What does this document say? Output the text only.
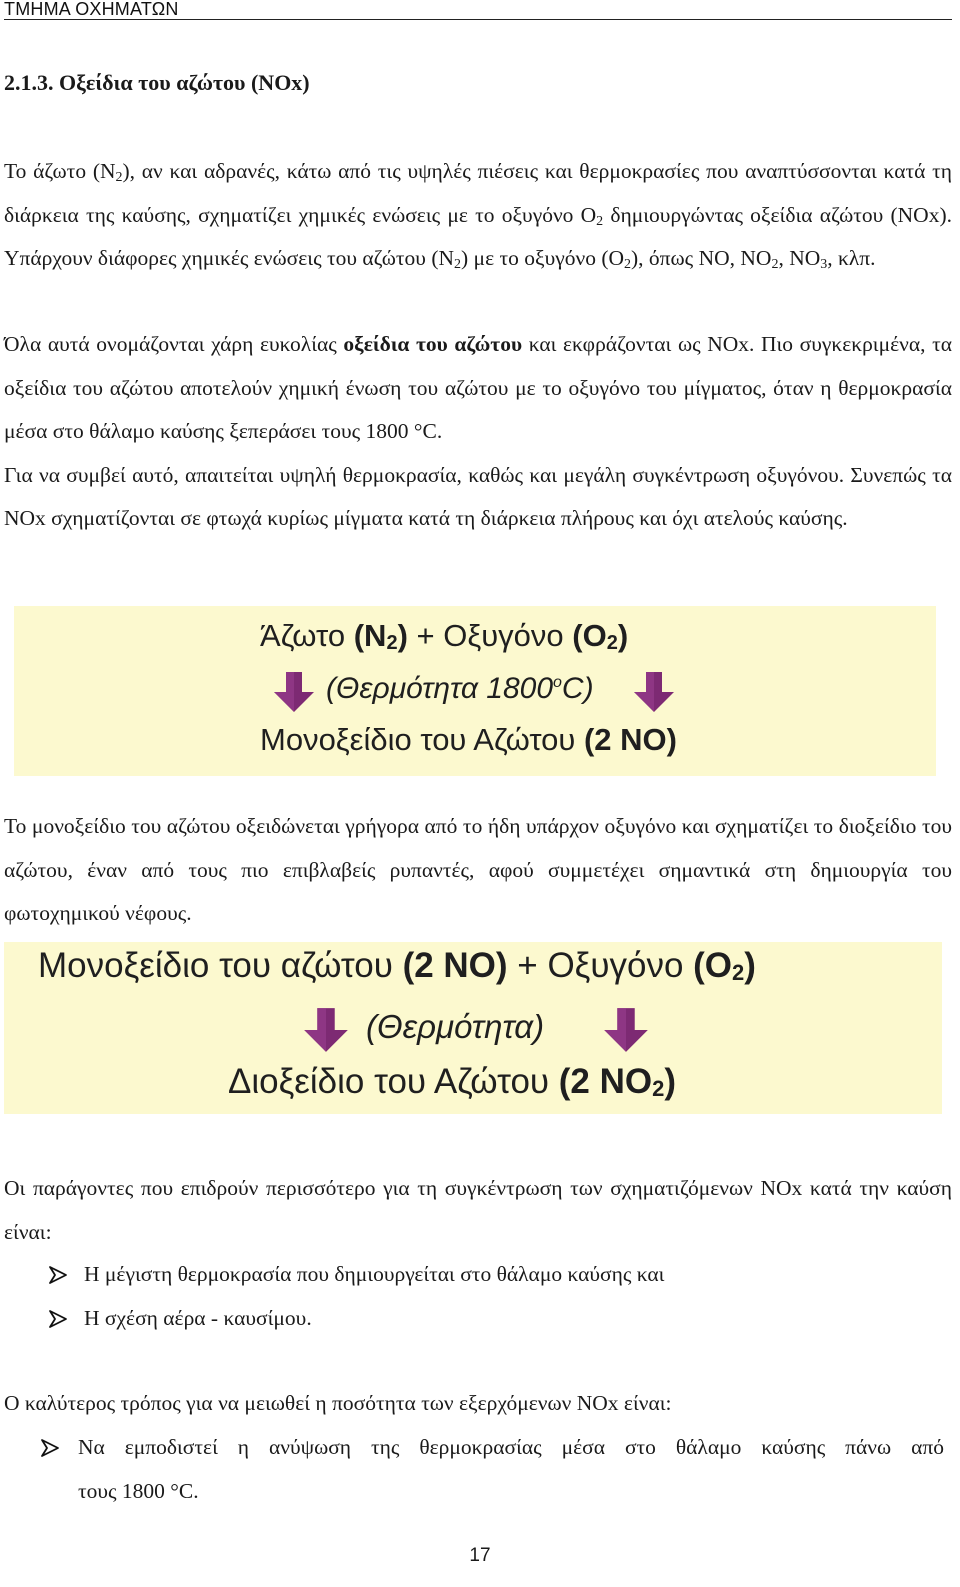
ΤΜΗΜΑ ΟΧΗΜΑΤΩΝ
2.1.3. Οξείδια του αζώτου (NOx)

Το άζωτο $(N_2)$, αν και αδρανές, κάτω από τις υψηλές πιέσεις και θερμοκρασίες που αναπτύσσονται κατά τη διάρκεια της καύσης, σχηματίζει χημικές ενώσεις με το οξυγόνο $O_2$ δημιουργώντας οξείδια αζώτου (NOx). Υπάρχουν διάφορες χημικές ενώσεις του αζώτου $(N_2)$ με το οξυγόνο $(O_2)$, όπως NO, $NO_2$, $NO_3$, κλπ.

Όλα αυτά ονομάζονται χάρη ευκολίας οξείδια του αζώτου και εκφράζονται ως NOx. Πιο συγκεκριμένα, τα οξείδια του αζώτου αποτελούν χημική ένωση του αζώτου με το οξυγόνο του μίγματος, όταν η θερμοκρασία μέσα στο θάλαμο καύσης ξεπεράσει τους 1800 °C.

Για να συμβεί αυτό, απαιτείται υψηλή θερμοκρασία, καθώς και μεγάλη συγκέντρωση οξυγόνου. Συνεπώς τα NOx σχηματίζονται σε φτωχά κυρίως μίγματα κατά τη διάρκεια πλήρους και όχι ατελούς καύσης.

Άζωτο $(N_2) + O\xi\upsilon\gamma ό\nu o$ $(O_2)$
(Θερμότητα 1800$^o$C)
Μονοξείδιο του Αζώτου (2 NO)
Το μονοξείδιο του αζώτου οξειδώνεται γρήγορα από το ήδη υπάρχον οξυγόνο και σχηματίζει το διοξείδιο του αζώτου, έναν από τους πιο επιβλαβείς ρυπαντές, αφού συμμετέχει σημαντικά στη δημιουργία του φωτοχημικού νέφους.
Μονοξείδιο του αζώτου (2 NO) + Οξυγόνο $(O_2)$
(Θερμότητα)
Διοξείδιο του Αζώτου (2 $NO_2$)
Οι παράγοντες που επιδρούν περισσότερο για τη συγκέντρωση των σχηματιζόμενων NOx κατά την καύση είναι:
Η μέγιστη θερμοκρασία που δημιουργείται στο θάλαμο καύσης και
Η σχέση αέρα - καυσίμου.
Ο καλύτερος τρόπος για να μειωθεί η ποσότητα των εξερχόμενων NOx είναι:
Να εμποδιστεί η ανύψωση της θερμοκρασίας μέσα στο θάλαμο καύσης πάνω από
τους 1800 °C.
17
